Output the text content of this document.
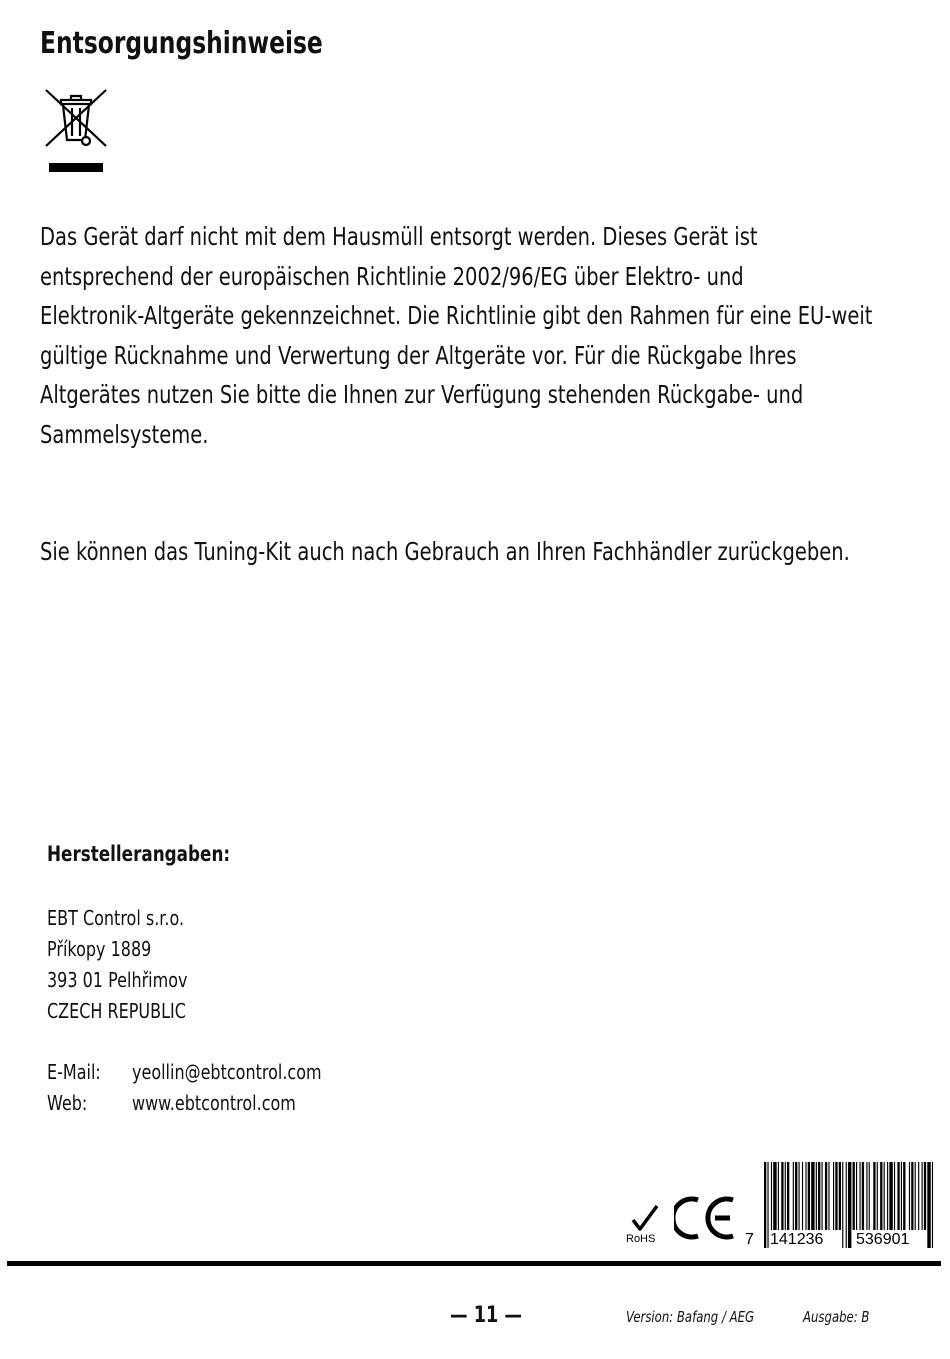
Entsorgungshinweise
Das Gerät darf nicht mit dem Hausmüll entsorgt werden. Dieses Gerät ist
entsprechend der europäischen Richtlinie 2002/96/EG über Elektro- und
Elektronik-Altgeräte gekennzeichnet. Die Richtlinie gibt den Rahmen für eine EU-weit
gültige Rücknahme und Verwertung der Altgeräte vor. Für die Rückgabe Ihres
Altgerätes nutzen Sie bitte die Ihnen zur Verfügung stehenden Rückgabe- und
Sammelsysteme.
Sie können das Tuning-Kit auch nach Gebrauch an Ihren Fachhändler zurückgeben.
Herstellerangaben:
EBT Control s.r.o.
Příkopy 1889
393 01 Pelhřimov
CZECH REPUBLIC
E-Mail: yeollin@ebtcontrol.com
Web: www.ebtcontrol.com
RoHS	7 141236 536901
— 11 —	Version: Bafang / AEG	Ausgabe: B
